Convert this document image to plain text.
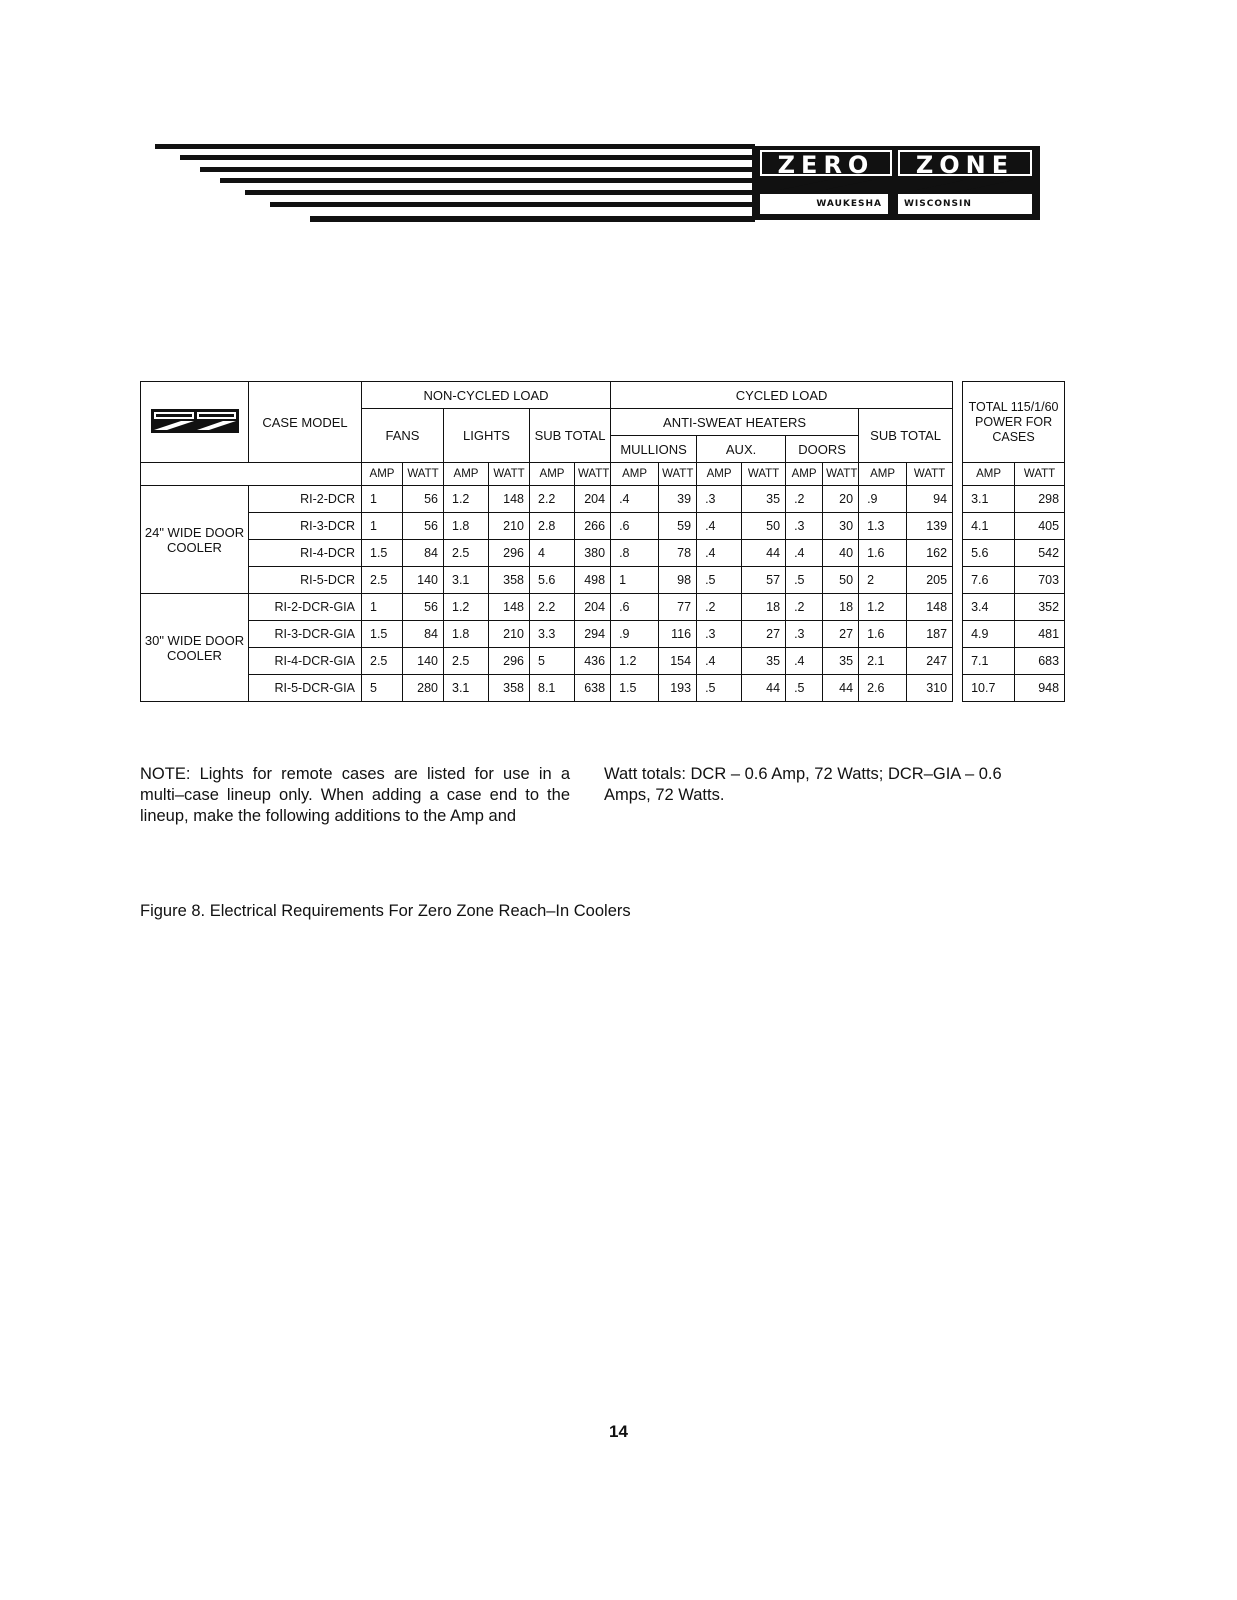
ZERO	ZONE
WAUKESHA	WISCONSIN
	CASE MODEL	NON-CYCLED LOAD						CYCLED LOAD									TOTAL 115/1/60 POWER FOR CASES	
		FANS		LIGHTS		SUB TOTAL		ANTI-SWEAT HEATERS						SUB TOTAL				
								MULLIONS		AUX.		DOORS						
		AMP	WATT	AMP	WATT	AMP	WATT	AMP	WATT	AMP	WATT	AMP	WATT	AMP	WATT		AMP	WATT
24" WIDE DOOR COOLER	RI-2-DCR	1	56	1.2	148	2.2	204	.4	39	.3	35	.2	20	.9	94		3.1	298
	RI-3-DCR	1	56	1.8	210	2.8	266	.6	59	.4	50	.3	30	1.3	139		4.1	405
	RI-4-DCR	1.5	84	2.5	296	4	380	.8	78	.4	44	.4	40	1.6	162		5.6	542
	RI-5-DCR	2.5	140	3.1	358	5.6	498	1	98	.5	57	.5	50	2	205		7.6	703
30" WIDE DOOR COOLER	RI-2-DCR-GIA	1	56	1.2	148	2.2	204	.6	77	.2	18	.2	18	1.2	148		3.4	352
	RI-3-DCR-GIA	1.5	84	1.8	210	3.3	294	.9	116	.3	27	.3	27	1.6	187		4.9	481
	RI-4-DCR-GIA	2.5	140	2.5	296	5	436	1.2	154	.4	35	.4	35	2.1	247		7.1	683
	RI-5-DCR-GIA	5	280	3.1	358	8.1	638	1.5	193	.5	44	.5	44	2.6	310		10.7	948
NOTE: Lights for remote cases are listed for use in a multi–case lineup only. When adding a case end to the lineup, make the following additions to the Amp and
Watt totals: DCR – 0.6 Amp, 72 Watts; DCR–GIA – 0.6 Amps, 72 Watts.
Figure 8. Electrical Requirements For Zero Zone Reach–In Coolers
14
